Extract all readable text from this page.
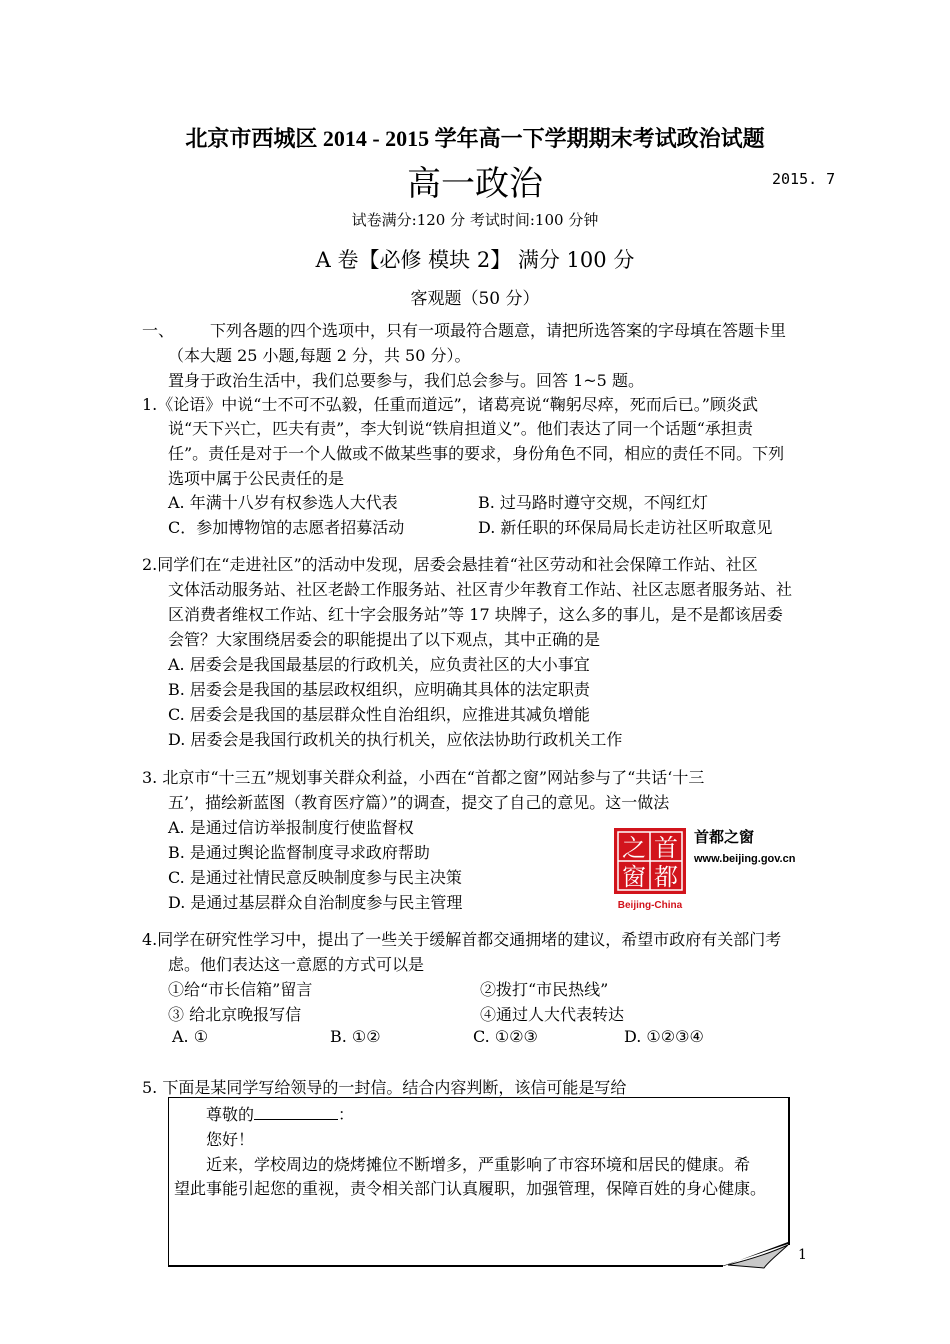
北京市西城区 2014 - 2015 学年高一下学期期末考试政治试题
高一政治	2015. 7
试卷满分:120 分 考试时间:100 分钟
A 卷【必修 模块 2】 满分 100 分
客观题（50 分）
一、 下列各题的四个选项中，只有一项最符合题意，请把所选答案的字母填在答题卡里
（本大题 25 小题,每题 2 分，共 50 分）。
置身于政治生活中，我们总要参与，我们总会参与。回答 1~5 题。
1.《论语》中说“士不可不弘毅，任重而道远”，诸葛亮说“鞠躬尽瘁，死而后已。”顾炎武
说“天下兴亡，匹夫有责”，李大钊说“铁肩担道义”。他们表达了同一个话题“承担责
任”。责任是对于一个人做或不做某些事的要求，身份角色不同，相应的责任不同。下列
选项中属于公民责任的是
A. 年满十八岁有权参选人大代表	B. 过马路时遵守交规，不闯红灯
C．参加博物馆的志愿者招募活动	D. 新任职的环保局局长走访社区听取意见
2.同学们在“走进社区”的活动中发现，居委会悬挂着“社区劳动和社会保障工作站、社区
文体活动服务站、社区老龄工作服务站、社区青少年教育工作站、社区志愿者服务站、社
区消费者维权工作站、红十字会服务站”等 17 块牌子，这么多的事儿，是不是都该居委
会管？大家围绕居委会的职能提出了以下观点，其中正确的是
A. 居委会是我国最基层的行政机关，应负责社区的大小事宜
B. 居委会是我国的基层政权组织，应明确其具体的法定职责
C. 居委会是我国的基层群众性自治组织，应推进其减负增能
D. 居委会是我国行政机关的执行机关，应依法协助行政机关工作
3. 北京市“十三五”规划事关群众利益，小西在“首都之窗”网站参与了“共话‘十三
五’，描绘新蓝图（教育医疗篇）”的调查，提交了自己的意见。这一做法
A. 是通过信访举报制度行使监督权
B. 是通过舆论监督制度寻求政府帮助
C. 是通过社情民意反映制度参与民主决策
D. 是通过基层群众自治制度参与民主管理
首
都
之
窗
Beijing-China
首都之窗
www.beijing.gov.cn
4.同学在研究性学习中，提出了一些关于缓解首都交通拥堵的建议，希望市政府有关部门考
虑。他们表达这一意愿的方式可以是
①给“市长信箱”留言	②拨打“市民热线”
③ 给北京晚报写信	④通过人大代表转达
A. ①	B. ①②	C. ①②③	D. ①②③④
5. 下面是某同学写给领导的一封信。结合内容判断，该信可能是写给
尊敬的	：
您好！
近来，学校周边的烧烤摊位不断增多，严重影响了市容环境和居民的健康。希
望此事能引起您的重视，责令相关部门认真履职，加强管理，保障百姓的身心健康。
1
